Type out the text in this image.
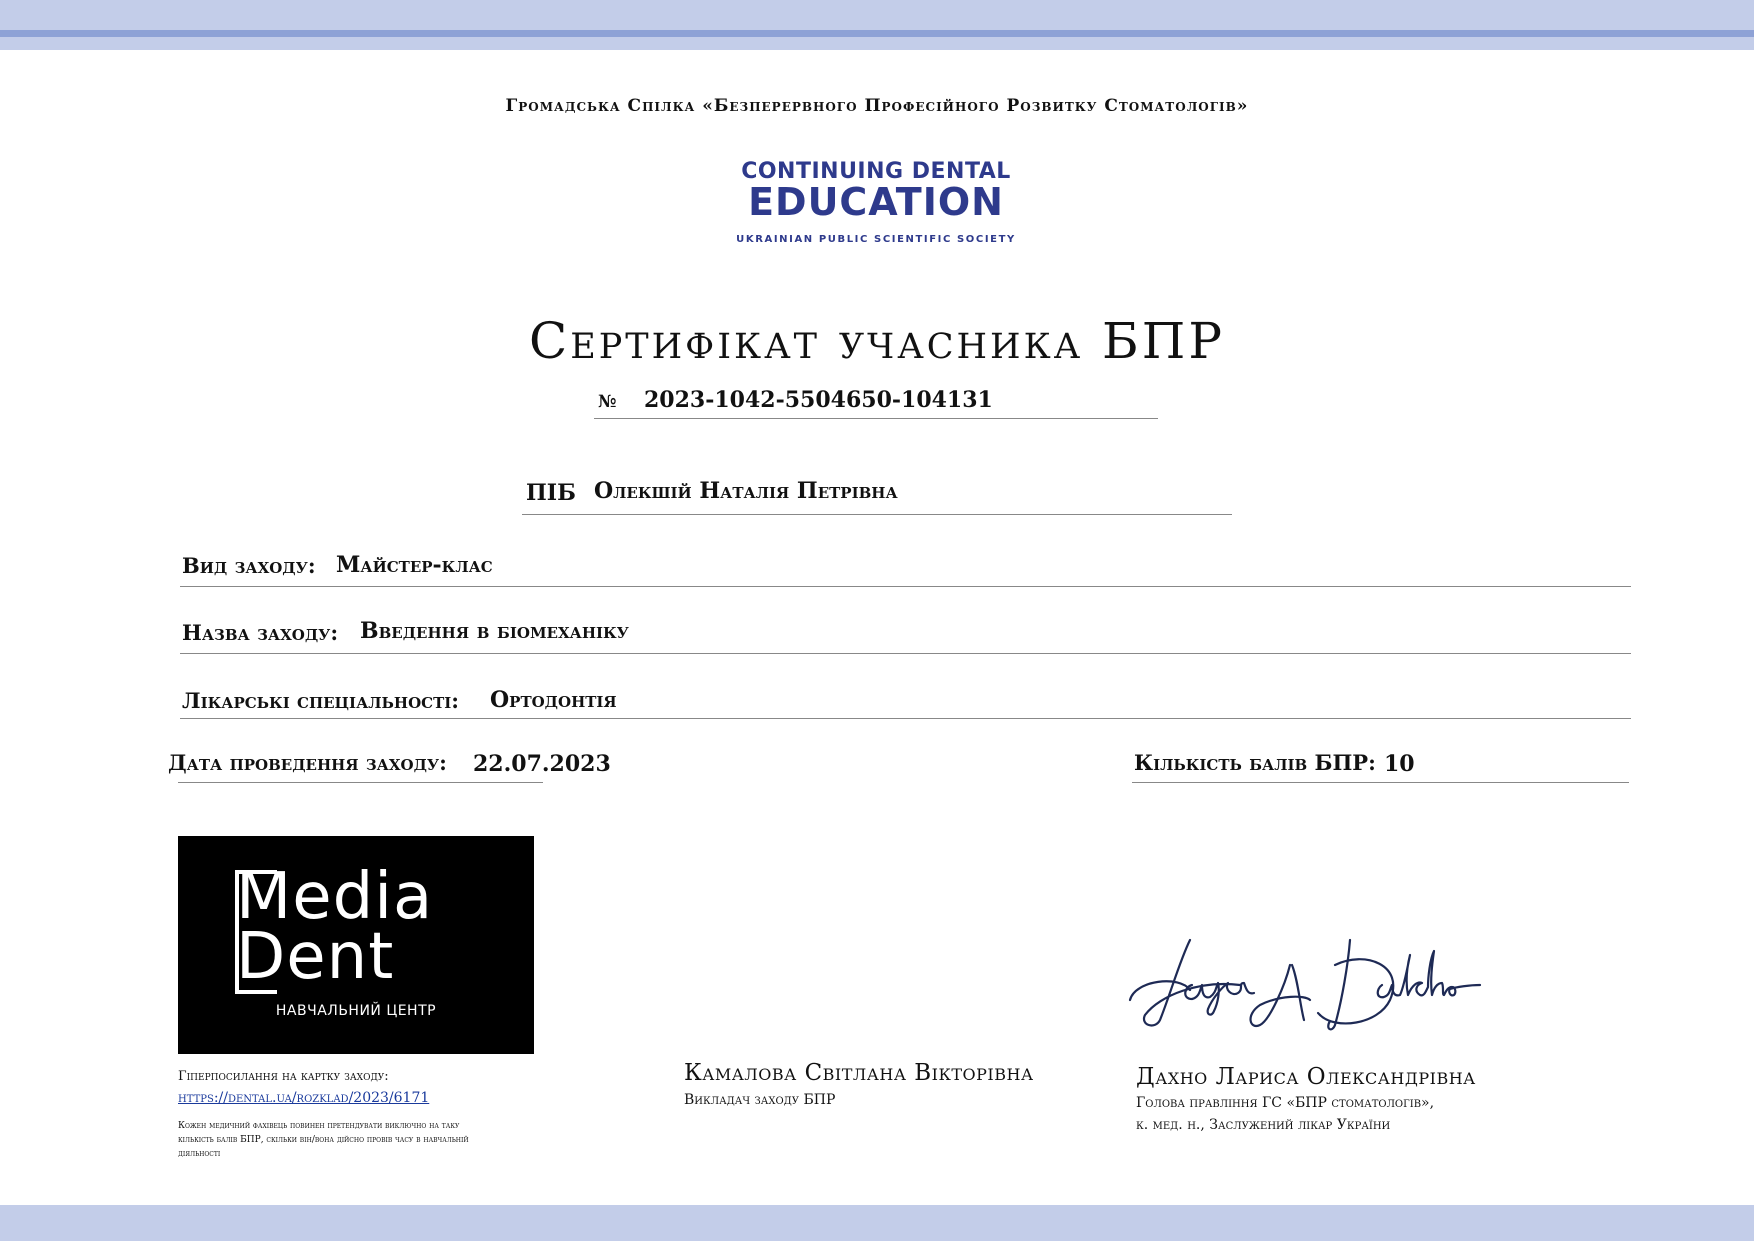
Громадська Спілка «Безперервного Професійного Розвитку Стоматологів»
CONTINUING DENTAL
EDUCATION
UKRAINIAN PUBLIC SCIENTIFIC SOCIETY
Сертифікат учасника БПР
№ 2023-1042-5504650-104131
ПІБ Олекшій Наталія Петрівна
Вид заходу: Майстер-клас
Назва заходу: Введення в біомеханіку
Лікарські спеціальності: Ортодонтія
Дата проведення заходу: 22.07.2023	Кількість балів БПР: 10
Media
Dent
НАВЧАЛЬНИЙ ЦЕНТР
Гіперпосилання на картку заходу:
https://dental.ua/rozklad/2023/6171
Кожен медичний фахівець повинен претендувати виключно на таку кількість балів БПР, скільки він/вона дійсно провів часу в навчальній діяльності
Камалова Світлана Вікторівна
Викладач заходу БПР
Дахно Лариса Олександрівна
Голова правління ГС «БПР стоматологів»,
к. мед. н., Заслужений лікар України
